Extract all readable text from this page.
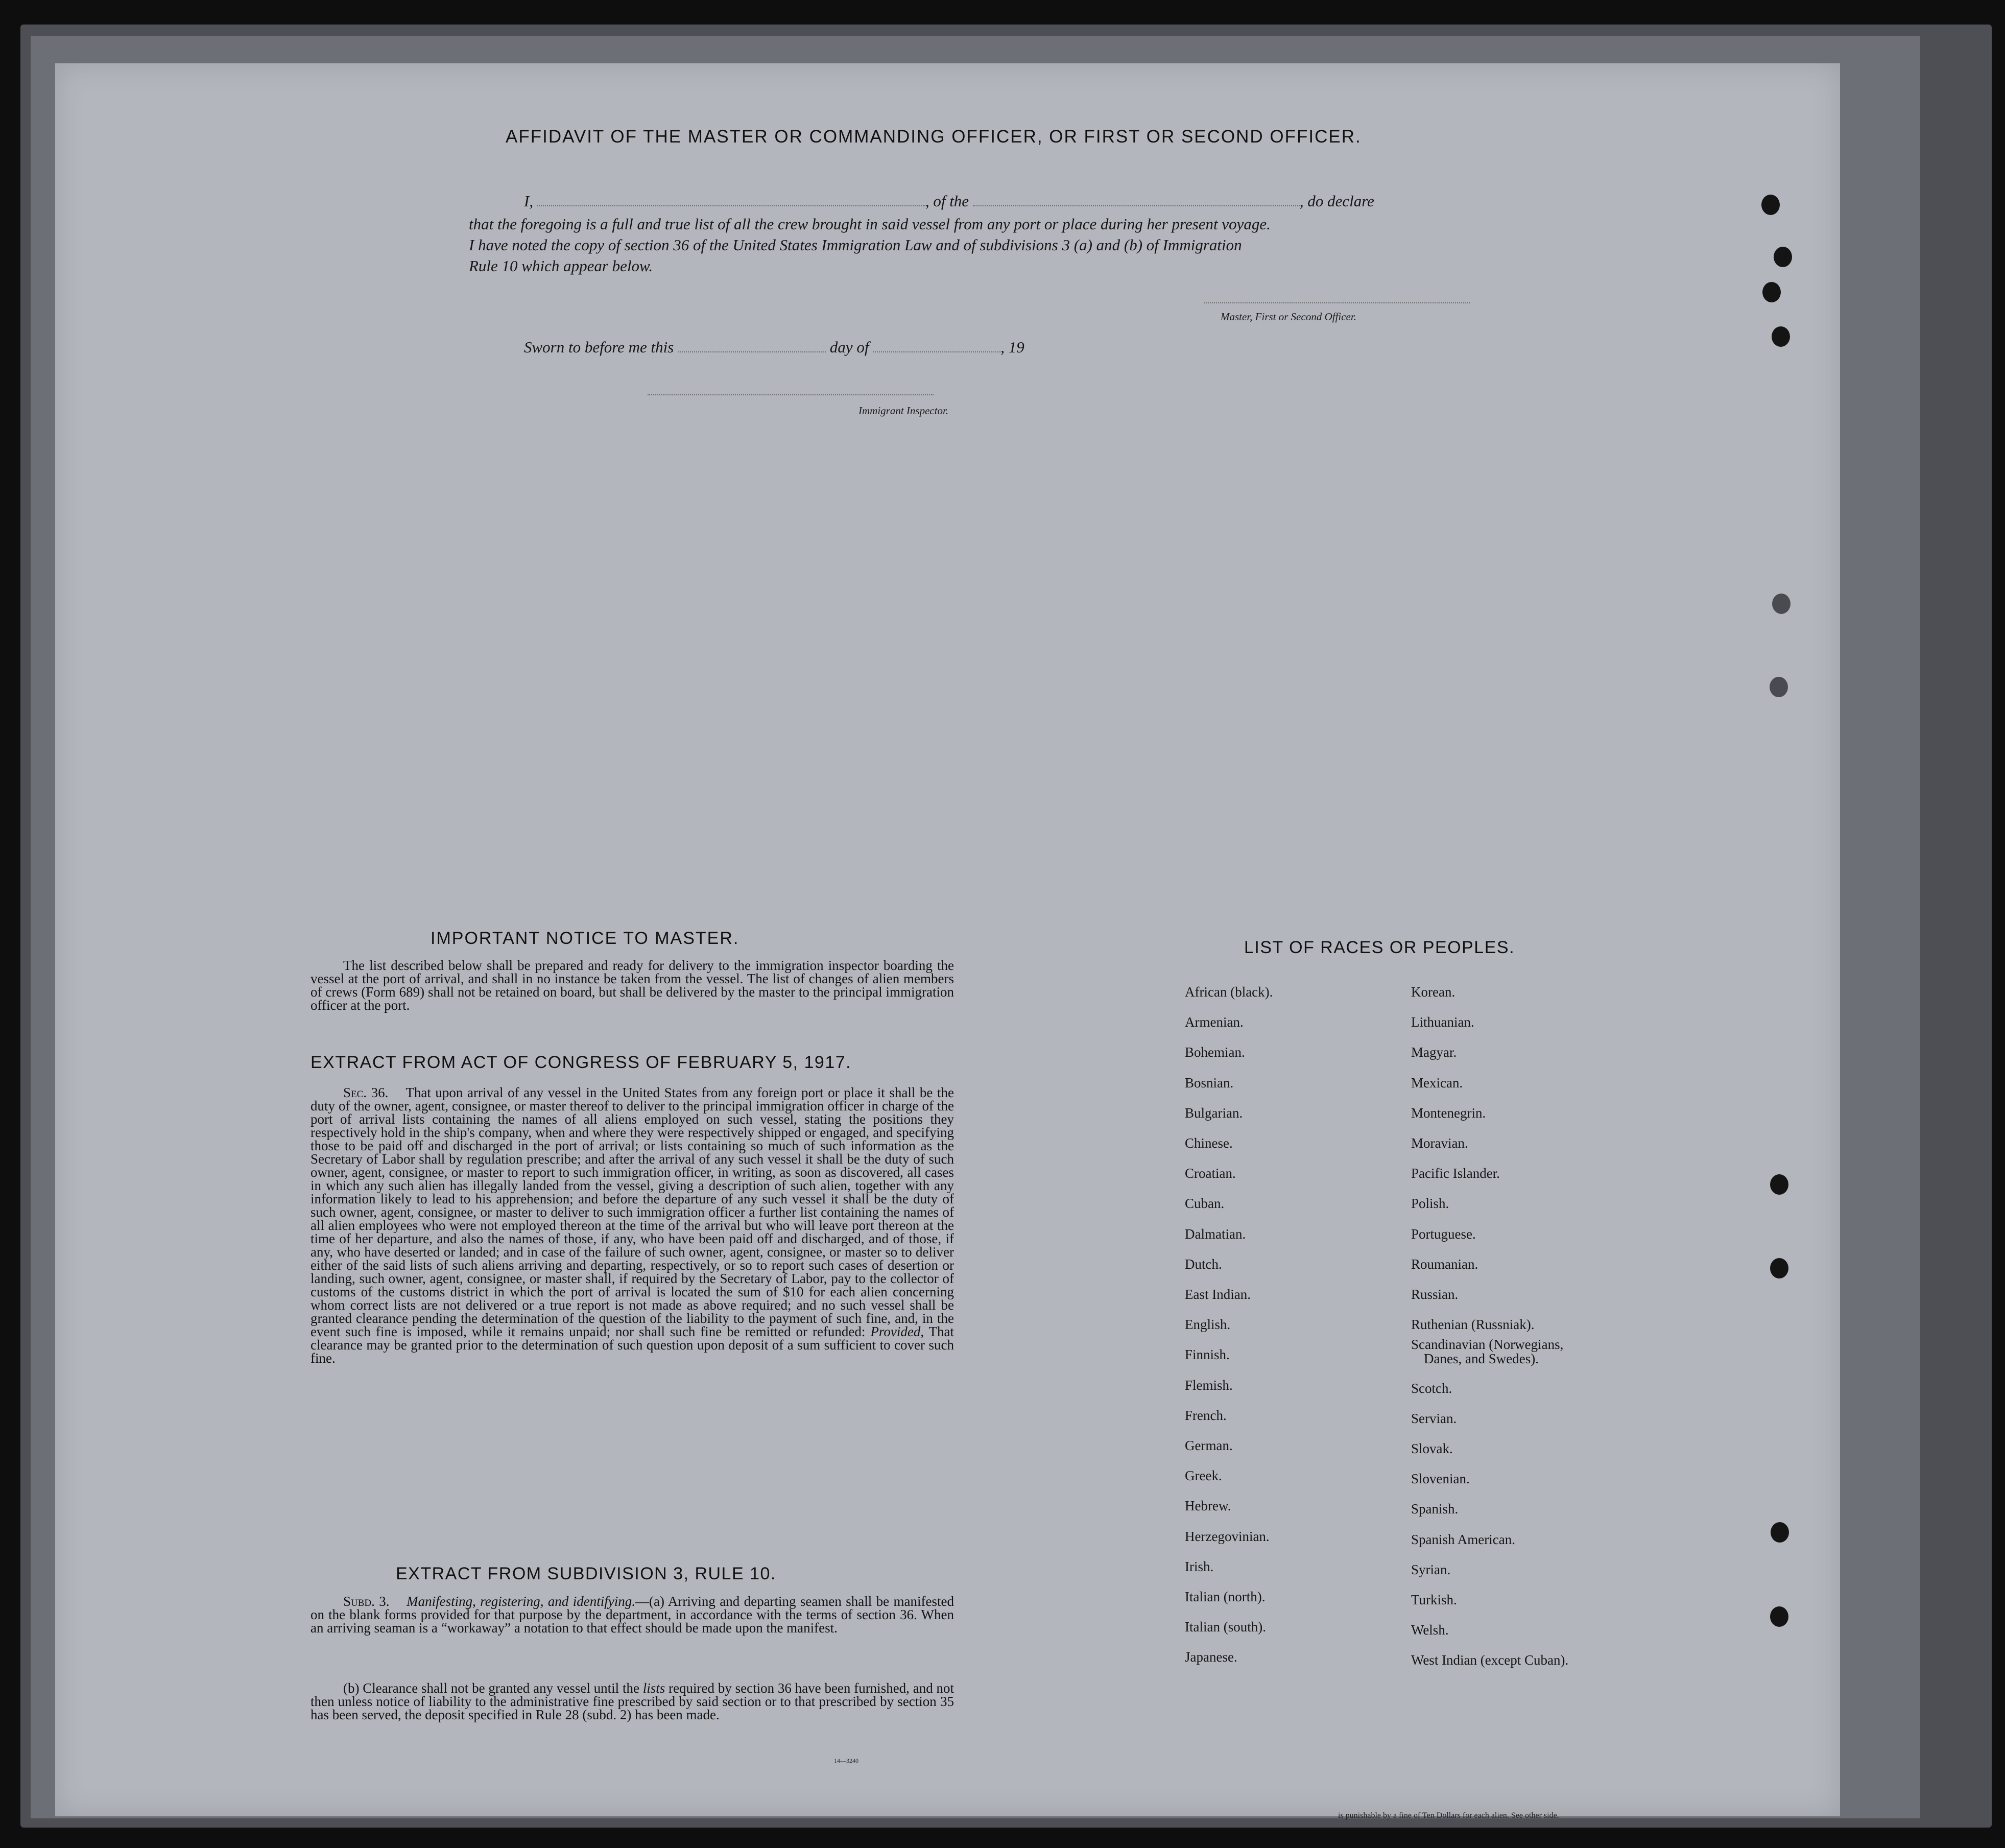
AFFIDAVIT OF THE MASTER OR COMMANDING OFFICER, OR FIRST OR SECOND OFFICER.
I,	, of the	, do declare
that the foregoing is a full and true list of all the crew brought in said vessel from any port or place during her present voyage.
I have noted the copy of section 36 of the United States Immigration Law and of subdivisions 3 (a) and (b) of Immigration
Rule 10 which appear below.
Master, First or Second Officer.
Sworn to before me this	day of	, 19
Immigrant Inspector.
IMPORTANT NOTICE TO MASTER.
The list described below shall be prepared and ready for delivery to the immigration inspector boarding the vessel at the port of arrival, and shall in no instance be taken from the vessel. The list of changes of alien members of crews (Form 689) shall not be retained on board, but shall be delivered by the master to the principal immigration officer at the port.
EXTRACT FROM ACT OF CONGRESS OF FEBRUARY 5, 1917.
Sec. 36. That upon arrival of any vessel in the United States from any foreign port or place it shall be the duty of the owner, agent, consignee, or master thereof to deliver to the principal immigration officer in charge of the port of arrival lists containing the names of all aliens employed on such vessel, stating the positions they respectively hold in the ship's company, when and where they were respectively shipped or engaged, and specifying those to be paid off and discharged in the port of arrival; or lists containing so much of such information as the Secretary of Labor shall by regulation prescribe; and after the arrival of any such vessel it shall be the duty of such owner, agent, consignee, or master to report to such immigration officer, in writing, as soon as discovered, all cases in which any such alien has illegally landed from the vessel, giving a description of such alien, together with any information likely to lead to his apprehension; and before the departure of any such vessel it shall be the duty of such owner, agent, consignee, or master to deliver to such immigration officer a further list containing the names of all alien employees who were not employed thereon at the time of the arrival but who will leave port thereon at the time of her departure, and also the names of those, if any, who have been paid off and discharged, and of those, if any, who have deserted or landed; and in case of the failure of such owner, agent, consignee, or master so to deliver either of the said lists of such aliens arriving and departing, respectively, or so to report such cases of desertion or landing, such owner, agent, consignee, or master shall, if required by the Secretary of Labor, pay to the collector of customs of the customs district in which the port of arrival is located the sum of $10 for each alien concerning whom correct lists are not delivered or a true report is not made as above required; and no such vessel shall be granted clearance pending the determination of the question of the liability to the payment of such fine, and, in the event such fine is imposed, while it remains unpaid; nor shall such fine be remitted or refunded: Provided, That clearance may be granted prior to the determination of such question upon deposit of a sum sufficient to cover such fine.
EXTRACT FROM SUBDIVISION 3, RULE 10.
Subd. 3. Manifesting, registering, and identifying.—(a) Arriving and departing seamen shall be manifested on the blank forms provided for that purpose by the department, in accordance with the terms of section 36. When an arriving seaman is a “workaway” a notation to that effect should be made upon the manifest.
(b) Clearance shall not be granted any vessel until the lists required by section 36 have been furnished, and not then unless notice of liability to the administrative fine prescribed by said section or to that prescribed by section 35 has been served, the deposit specified in Rule 28 (subd. 2) has been made.
14—3240
LIST OF RACES OR PEOPLES.
African (black).
Armenian.
Bohemian.
Bosnian.
Bulgarian.
Chinese.
Croatian.
Cuban.
Dalmatian.
Dutch.
East Indian.
English.
Finnish.
Flemish.
French.
German.
Greek.
Hebrew.
Herzegovinian.
Irish.
Italian (north).
Italian (south).
Japanese.
Korean.
Lithuanian.
Magyar.
Mexican.
Montenegrin.
Moravian.
Pacific Islander.
Polish.
Portuguese.
Roumanian.
Russian.
Ruthenian (Russniak).
Scandinavian (Norwegians,
Scotch.
Servian.
Slovak.
Slovenian.
Spanish.
Spanish American.
Syrian.
Turkish.
Welsh.
West Indian (except Cuban).
Danes, and Swedes).
is punishable by a fine of Ten Dollars for each alien. See other side.
